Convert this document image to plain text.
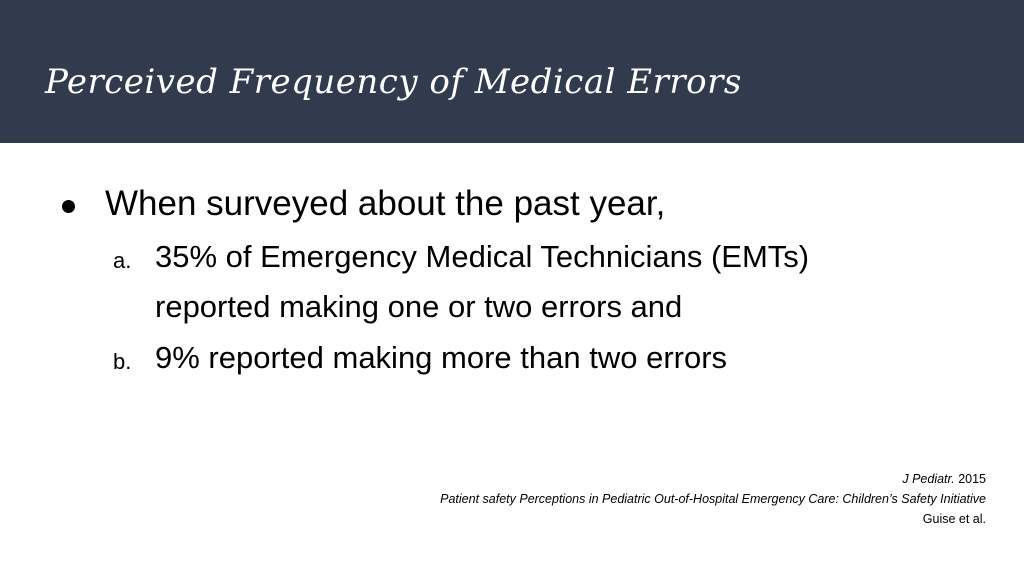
Perceived Frequency of Medical Errors
When surveyed about the past year,
a. 35% of Emergency Medical Technicians (EMTs)
reported making one or two errors and
b. 9% reported making more than two errors
J Pediatr. 2015
Patient safety Perceptions in Pediatric Out-of-Hospital Emergency Care: Children’s Safety Initiative
Guise et al.
